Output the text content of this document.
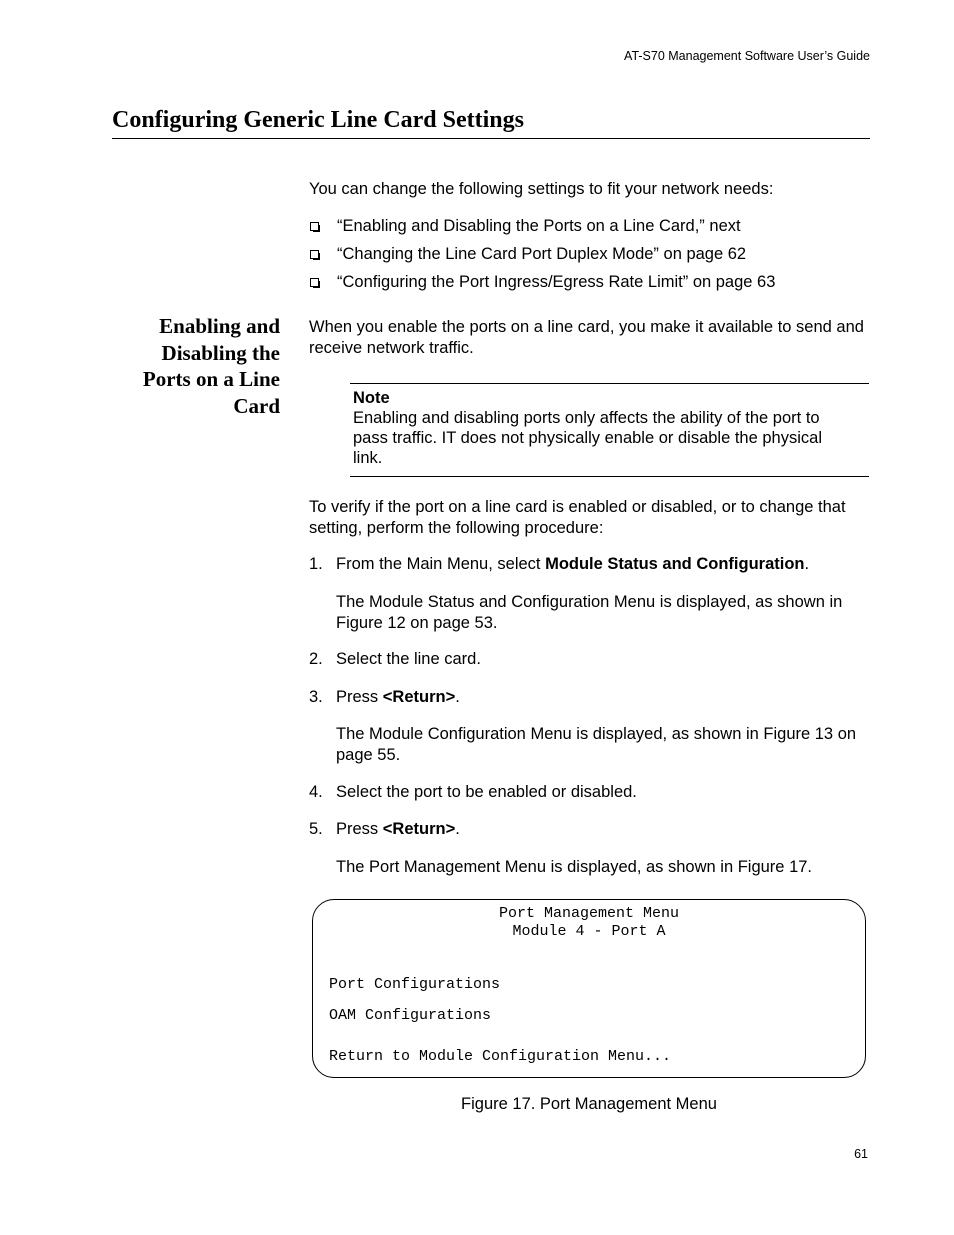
AT-S70 Management Software User’s Guide
Configuring Generic Line Card Settings
You can change the following settings to fit your network needs:
“Enabling and Disabling the Ports on a Line Card,” next
“Changing the Line Card Port Duplex Mode” on page 62
“Configuring the Port Ingress/Egress Rate Limit” on page 63
Enabling and
Disabling the
Ports on a Line
Card
When you enable the ports on a line card, you make it available to send and receive network traffic.
Note
Enabling and disabling ports only affects the ability of the port to pass traffic. IT does not physically enable or disable the physical link.
To verify if the port on a line card is enabled or disabled, or to change that setting, perform the following procedure:
1. From the Main Menu, select Module Status and Configuration.
The Module Status and Configuration Menu is displayed, as shown in Figure 12 on page 53.
2. Select the line card.
3. Press <Return>.
The Module Configuration Menu is displayed, as shown in Figure 13 on page 55.
4. Select the port to be enabled or disabled.
5. Press <Return>.
The Port Management Menu is displayed, as shown in Figure 17.
Port Management Menu
Module 4 - Port A
Port Configurations
OAM Configurations
Return to Module Configuration Menu...
Figure 17. Port Management Menu
61
